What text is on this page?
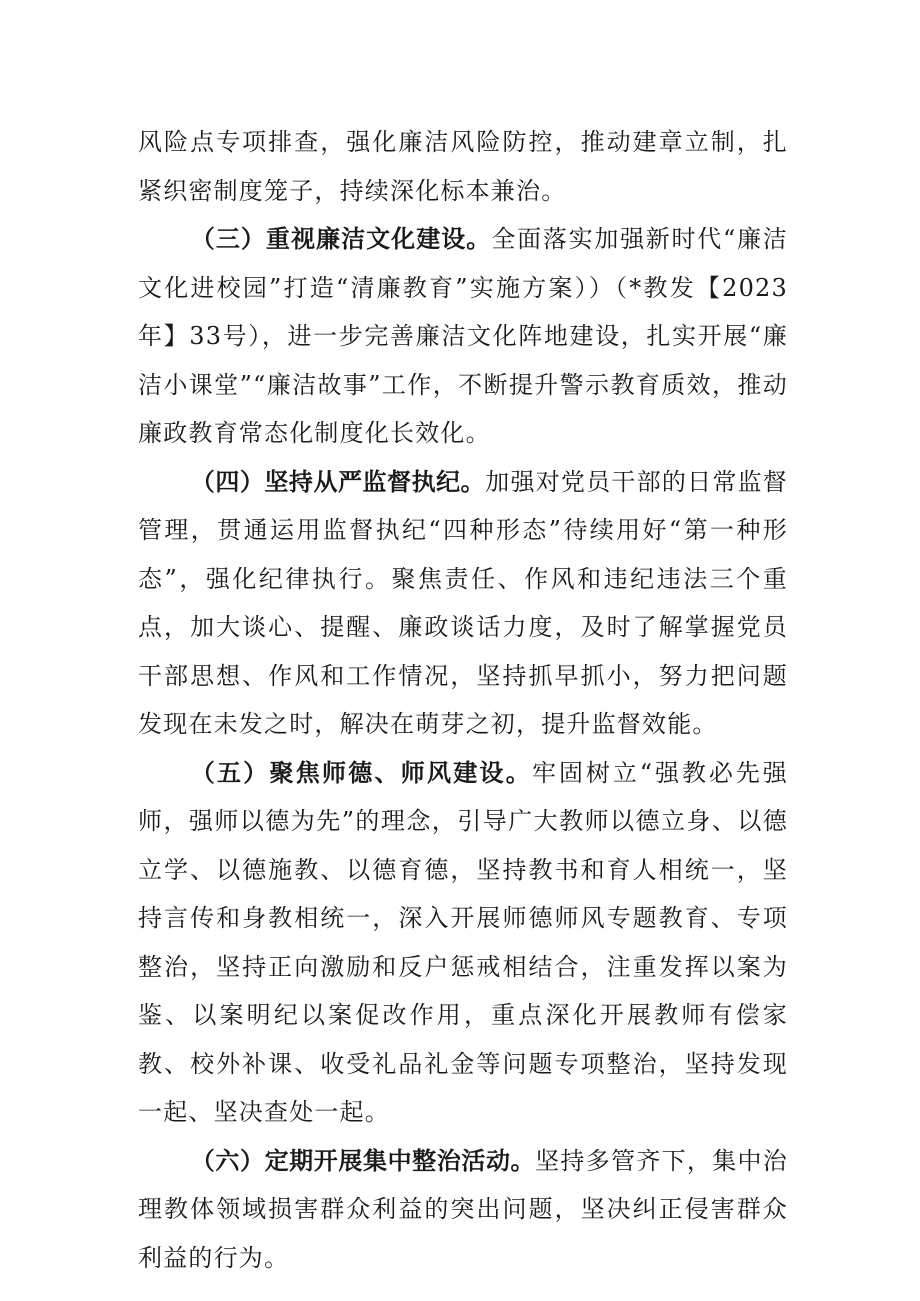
风险点专项排查，强化廉洁风险防控，推动建章立制，扎紧织密制度笼子，持续深化标本兼治。

（三）重视廉洁文化建设。全面落实加强新时代“廉洁文化进校园”打造“清廉教育”实施方案））（*教发【2023年】33号），进一步完善廉洁文化阵地建设，扎实开展“廉洁小课堂”“廉洁故事”工作，不断提升警示教育质效，推动廉政教育常态化制度化长效化。

（四）坚持从严监督执纪。加强对党员干部的日常监督管理，贯通运用监督执纪“四种形态”待续用好“第一种形态”，强化纪律执行。聚焦责任、作风和违纪违法三个重点，加大谈心、提醒、廉政谈话力度，及时了解掌握党员干部思想、作风和工作情况，坚持抓早抓小，努力把问题发现在未发之时，解决在萌芽之初，提升监督效能。

（五）聚焦师德、师风建设。牢固树立“强教必先强师，强师以德为先”的理念，引导广大教师以德立身、以德立学、以德施教、以德育德，坚持教书和育人相统一，坚持言传和身教相统一，深入开展师德师风专题教育、专项整治，坚持正向激励和反户惩戒相结合，注重发挥以案为鉴、以案明纪以案促改作用，重点深化开展教师有偿家教、校外补课、收受礼品礼金等问题专项整治，坚持发现一起、坚决查处一起。

（六）定期开展集中整治活动。坚持多管齐下，集中治理教体领域损害群众利益的突出问题，坚决纠正侵害群众利益的行为。
